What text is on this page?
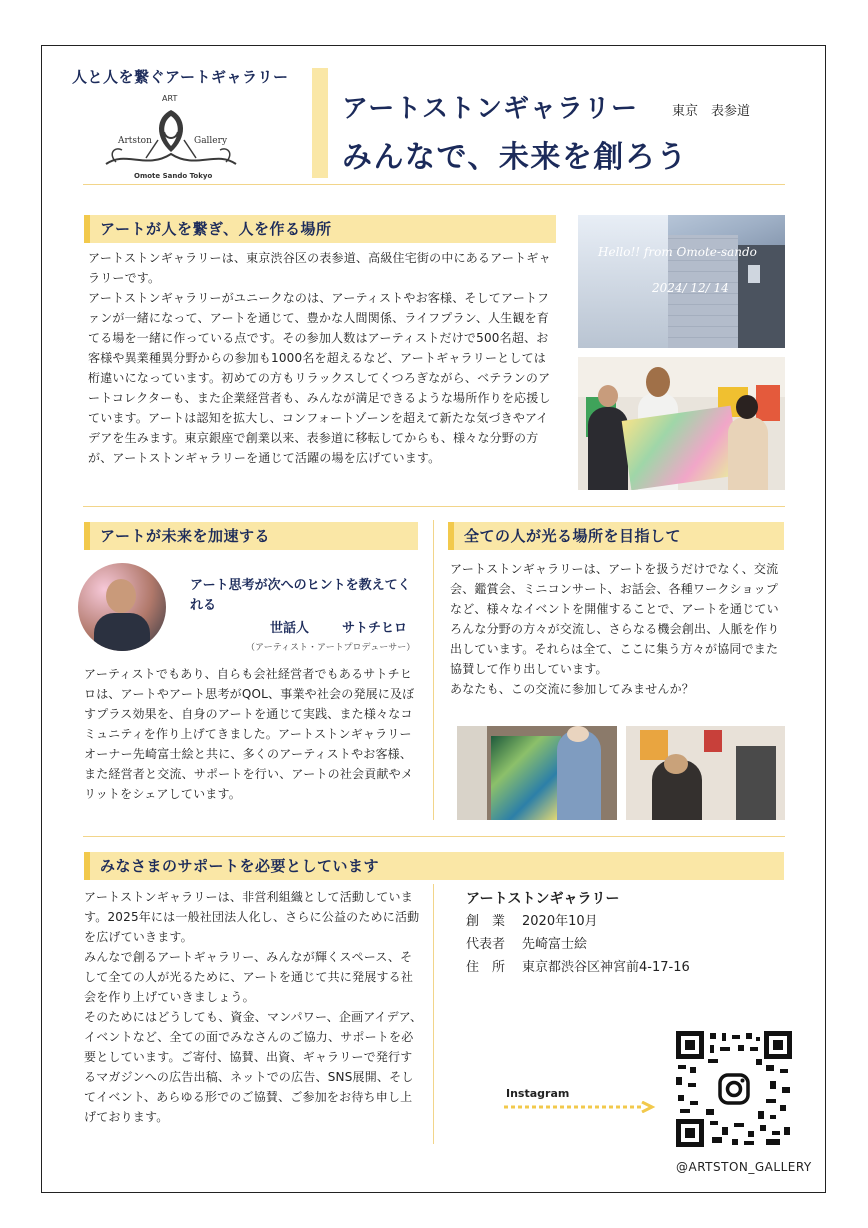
人と人を繋ぐアートギャラリー
ART
Artston	Gallery
Omote Sando Tokyo
アートストンギャラリー	東京　表参道
みんなで、未来を創ろう
アートが人を繋ぎ、人を作る場所

アートストンギャラリーは、東京渋谷区の表参道、高級住宅街の中にあるアートギャラリーです。

アートストンギャラリーがユニークなのは、アーティストやお客様、そしてアートファンが一緒になって、アートを通じて、豊かな人間関係、ライフプラン、人生観を育てる場を一緒に作っている点です。その参加人数はアーティストだけで500名超、お客様や異業種異分野からの参加も1000名を超えるなど、アートギャラリーとしては桁違いになっています。初めての方もリラックスしてくつろぎながら、ベテランのアートコレクターも、また企業経営者も、みんなが満足できるような場所作りを応援しています。アートは認知を拡大し、コンフォートゾーンを超えて新たな気づきやアイデアを生みます。東京銀座で創業以来、表参道に移転してからも、様々な分野の方が、アートストンギャラリーを通じて活躍の場を広げています。

Hello!! from Omote-sando
2024/ 12/ 14
アートが未来を加速する
アート思考が次へのヒントを教えてくれる
世話人	サトチヒロ
（アーティスト・アートプロデューサー）

アーティストでもあり、自らも会社経営者でもあるサトチヒロは、アートやアート思考がQOL、事業や社会の発展に及ぼすプラス効果を、自身のアートを通じて実践、また様々なコミュニティを作り上げてきました。アートストンギャラリーオーナー先崎富士絵と共に、多くのアーティストやお客様、また経営者と交流、サポートを行い、アートの社会貢献やメリットをシェアしています。

全ての人が光る場所を目指して

アートストンギャラリーは、アートを扱うだけでなく、交流会、鑑賞会、ミニコンサート、お話会、各種ワークショップなど、様々なイベントを開催することで、アートを通じていろんな分野の方々が交流し、さらなる機会創出、人脈を作り出しています。それらは全て、ここに集う方々が協同でまた協賛して作り出しています。

あなたも、この交流に参加してみませんか？

みなさまのサポートを必要としています

アートストンギャラリーは、非営利組織として活動しています。2025年には一般社団法人化し、さらに公益のために活動を広げていきます。

みんなで創るアートギャラリー、みんなが輝くスペース、そして全ての人が光るために、アートを通じて共に発展する社会を作り上げていきましょう。

そのためにはどうしても、資金、マンパワー、企画アイデア、イベントなど、全ての面でみなさんのご協力、サポートを必要としています。ご寄付、協賛、出資、ギャラリーで発行するマガジンへの広告出稿、ネットでの広告、SNS展開、そしてイベント、あらゆる形でのご協賛、ご参加をお待ち申し上げております。

アートストンギャラリー
創　業 2020年10月
代表者 先崎富士絵
住　所 東京都渋谷区神宮前4-17-16
Instagram
@ARTSTON_GALLERY
